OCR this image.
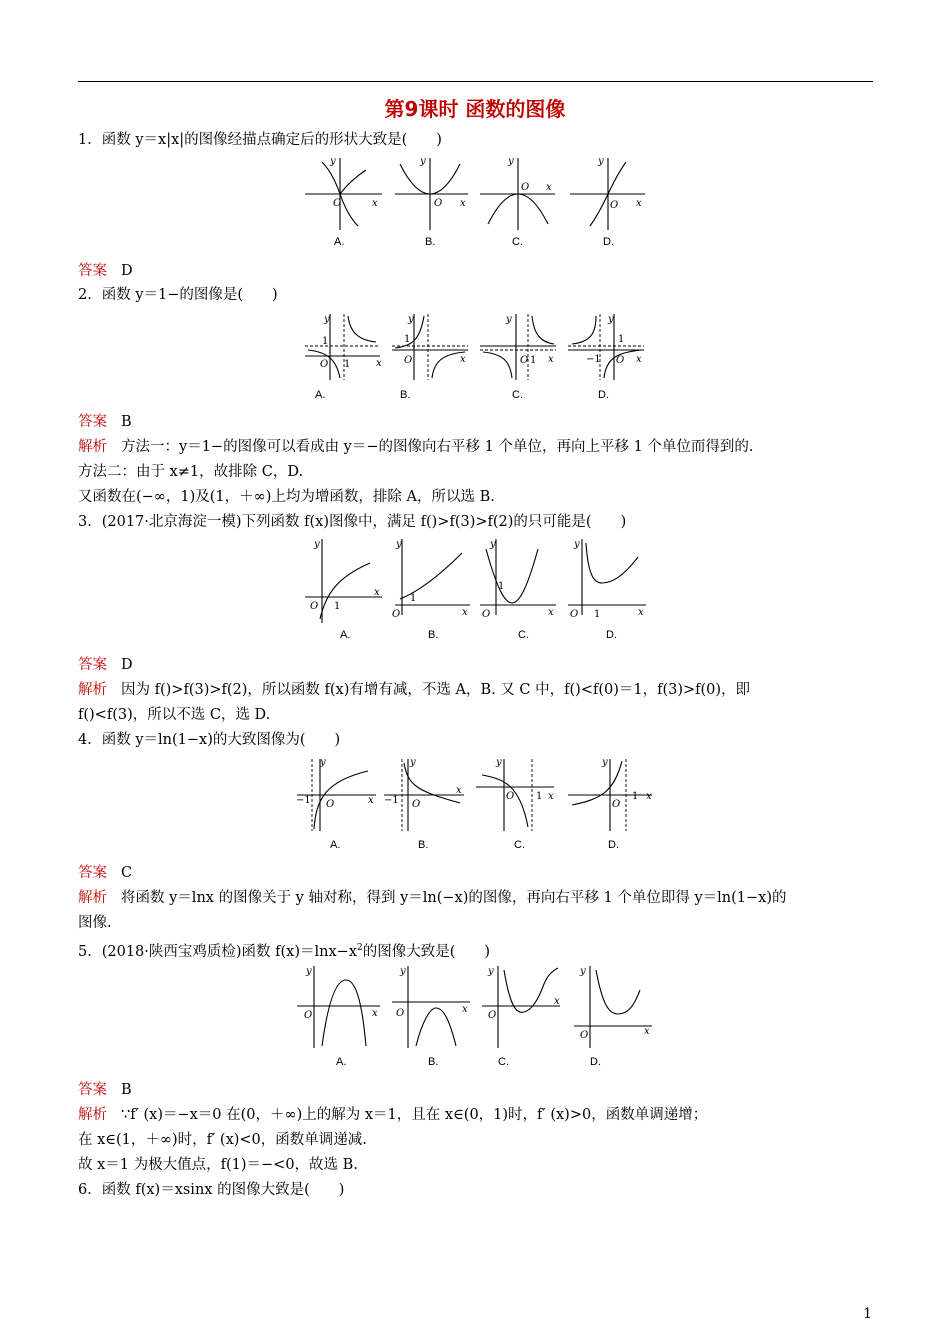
第9课时 函数的图像
1．函数 y＝x|x|的图像经描点确定后的形状大致是(　　)
O	x
y
A.
O x
y
B.
O x
y
C.
O x
y
D.
答案 D
2．函数 y＝1−的图像是(　　)
y
x
O
1
1
A.
y
x
O
1
B.
y
x
O 1
C.
y
x
O
−1
1
D.
答案 B
解析 方法一：y＝1−的图像可以看成由 y＝−的图像向右平移 1 个单位，再向上平移 1 个单位而得到的.
方法二：由于 x≠1，故排除 C，D.
又函数在(−∞，1)及(1，＋∞)上均为增函数，排除 A，所以选 B.
3．(2017·北京海淀一模)下列函数 f(x)图像中，满足 f()>f(3)>f(2)的只可能是(　　)
y
x
O 1
A.
y
x
O
1
B.
y
x
O
1
C.
y
x
O 1
D.
答案 D
解析 因为 f()>f(3)>f(2)，所以函数 f(x)有增有减，不选 A，B. 又 C 中，f()<f(0)＝1，f(3)>f(0)，即
f()<f(3)，所以不选 C，选 D.
4．函数 y＝ln(1−x)的大致图像为(　　)
y
x
−1 O
A.
y
x
−1 O
B.
y
x
O 1
C.
y
x
O
1
D.
答案 C
解析 将函数 y＝lnx 的图像关于 y 轴对称，得到 y＝ln(−x)的图像，再向右平移 1 个单位即得 y＝ln(1−x)的
图像.
5．(2018·陕西宝鸡质检)函数 $f(x)=\ln x-x^2$的图像大致是(　　)
y
x
O
A.
y
x
O
B.
y
x
O
C.
y
x
O
D.
答案 B
解析 ∵f′ (x)＝−x＝0 在(0，＋∞)上的解为 x＝1，且在 x∈(0，1)时，f′ (x)>0，函数单调递增；
在 x∈(1，＋∞)时，f′ (x)<0，函数单调递减.
故 x＝1 为极大值点，f(1)＝−<0，故选 B.
6．函数 f(x)＝xsinx 的图像大致是(　　)
1
